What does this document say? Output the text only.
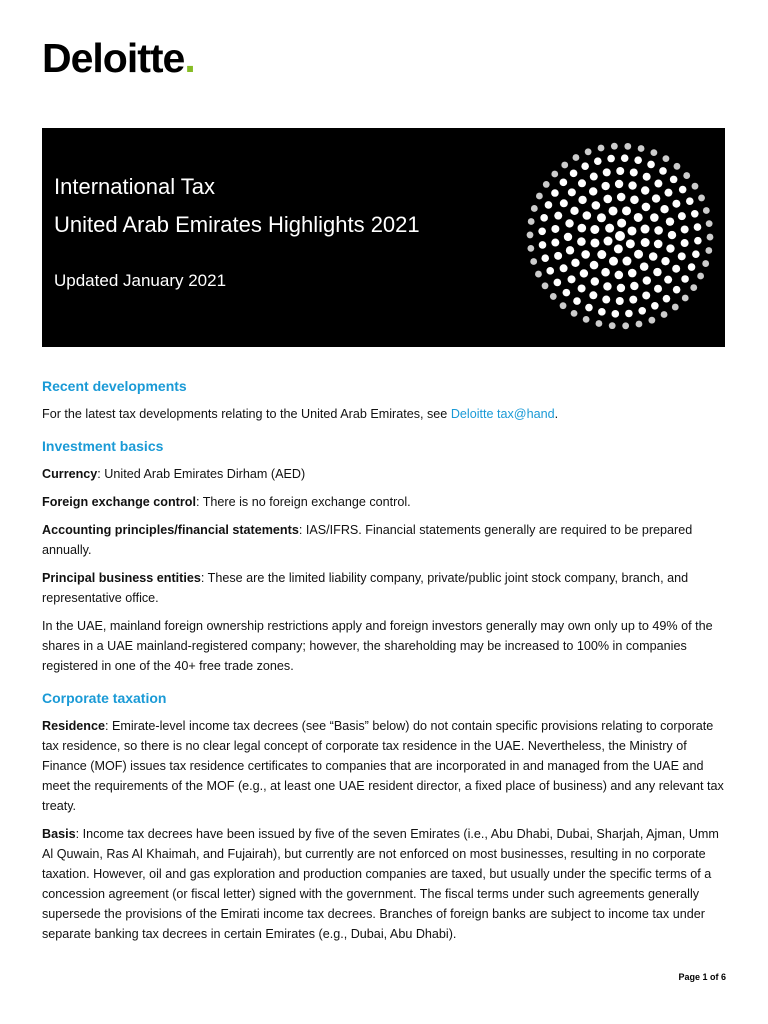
Deloitte.
International Tax
United Arab Emirates Highlights 2021
Updated January 2021
Recent developments

For the latest tax developments relating to the United Arab Emirates, see Deloitte tax@hand.

Investment basics

Currency: United Arab Emirates Dirham (AED)

Foreign exchange control: There is no foreign exchange control.

Accounting principles/financial statements: IAS/IFRS. Financial statements generally are required to be prepared annually.

Principal business entities: These are the limited liability company, private/public joint stock company, branch, and representative office.

In the UAE, mainland foreign ownership restrictions apply and foreign investors generally may own only up to 49% of the shares in a UAE mainland-registered company; however, the shareholding may be increased to 100% in companies registered in one of the 40+ free trade zones.

Corporate taxation

Residence: Emirate-level income tax decrees (see “Basis” below) do not contain specific provisions relating to corporate tax residence, so there is no clear legal concept of corporate tax residence in the UAE. Nevertheless, the Ministry of Finance (MOF) issues tax residence certificates to companies that are incorporated in and managed from the UAE and meet the requirements of the MOF (e.g., at least one UAE resident director, a fixed place of business) and any relevant tax treaty.

Basis: Income tax decrees have been issued by five of the seven Emirates (i.e., Abu Dhabi, Dubai, Sharjah, Ajman, Umm Al Quwain, Ras Al Khaimah, and Fujairah), but currently are not enforced on most businesses, resulting in no corporate taxation. However, oil and gas exploration and production companies are taxed, but usually under the specific terms of a concession agreement (or fiscal letter) signed with the government. The fiscal terms under such agreements generally supersede the provisions of the Emirati income tax decrees. Branches of foreign banks are subject to income tax under separate banking tax decrees in certain Emirates (e.g., Dubai, Abu Dhabi).

Page 1 of 6
